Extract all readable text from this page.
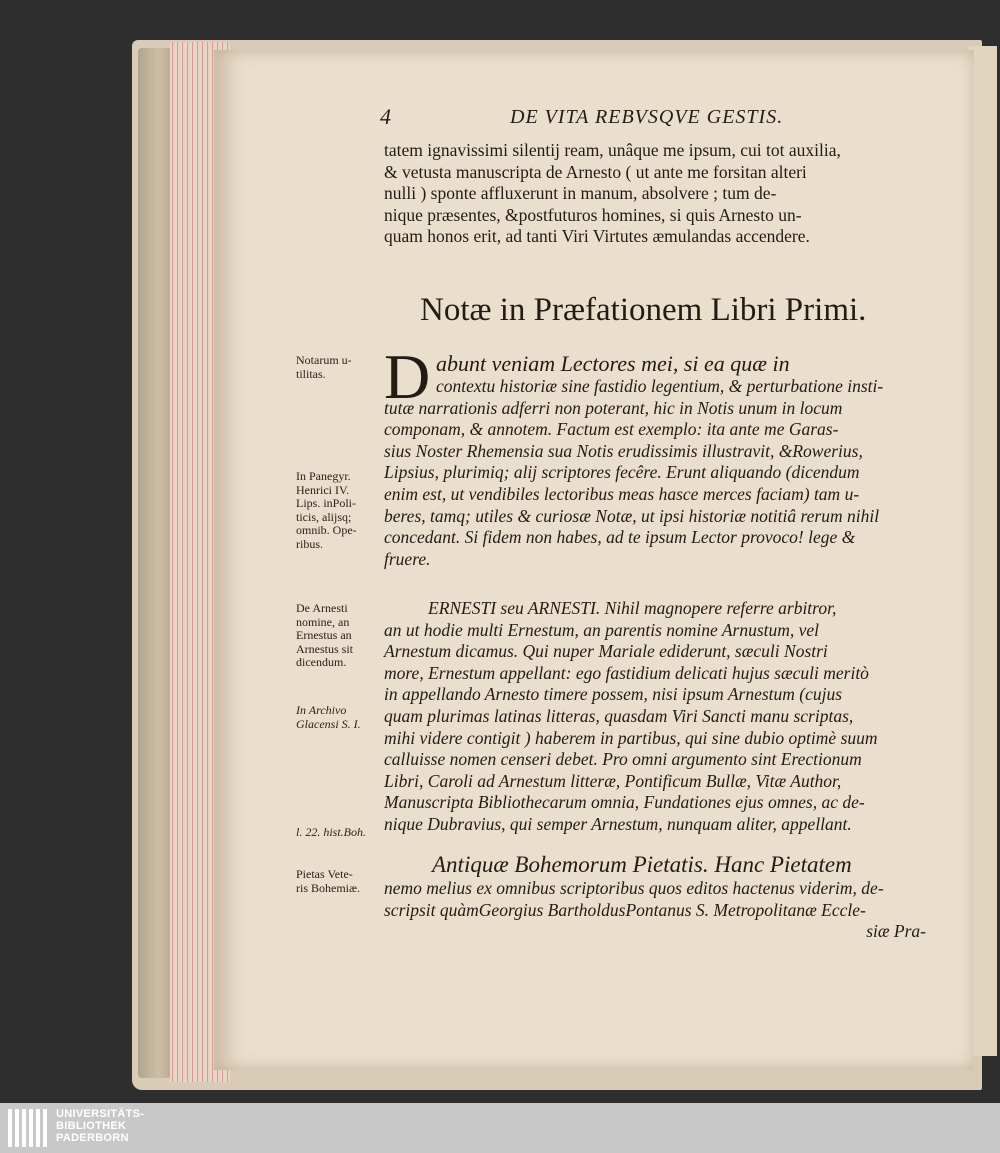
4	DE VITA REBVSQVE GESTIS.
tatem ignavissimi silentij ream, unâque me ipsum, cui tot auxilia,
& vetusta manuscripta de Arnesto ( ut ante me forsitan alteri
nulli ) sponte affluxerunt in manum, absolvere ; tum de-
nique præsentes, &postfuturos homines, si quis Arnesto un-
quam honos erit, ad tanti Viri Virtutes æmulandas accendere.
Notæ in Præfationem Libri Primi.
D abunt veniam Lectores mei, si ea quæ in
contextu historiæ sine fastidio legentium, & perturbatione insti-
tutæ narrationis adferri non poterant, hic in Notis unum in locum
componam, & annotem. Factum est exemplo: ita ante me Garas-
sius Noster Rhemensia sua Notis erudissimis illustravit, &Rowerius,
Lipsius, plurimiq; alij scriptores fecêre. Erunt aliquando (dicendum
enim est, ut vendibiles lectoribus meas hasce merces faciam) tam u-
beres, tamq; utiles & curiosæ Notæ, ut ipsi historiæ notitiâ rerum nihil
concedant. Si fidem non habes, ad te ipsum Lector provoco! lege &
fruere.
ERNESTI seu ARNESTI. Nihil magnopere referre arbitror,
an ut hodie multi Ernestum, an parentis nomine Arnustum, vel
Arnestum dicamus. Qui nuper Mariale ediderunt, sæculi Nostri
more, Ernestum appellant: ego fastidium delicati hujus sæculi meritò
in appellando Arnesto timere possem, nisi ipsum Arnestum (cujus
quam plurimas latinas litteras, quasdam Viri Sancti manu scriptas,
mihi videre contigit ) haberem in partibus, qui sine dubio optimè suum
calluisse nomen censeri debet. Pro omni argumento sint Erectionum
Libri, Caroli ad Arnestum litteræ, Pontificum Bullæ, Vitæ Author,
Manuscripta Bibliothecarum omnia, Fundationes ejus omnes, ac de-
nique Dubravius, qui semper Arnestum, nunquam aliter, appellant.
Antiquæ Bohemorum Pietatis. Hanc Pietatem
nemo melius ex omnibus scriptoribus quos editos hactenus viderim, de-
scripsit quàmGeorgius BartholdusPontanus S. Metropolitanæ Eccle-
siæ Pra-
Notarum u-
tilitas.
In Panegyr.
Henrici IV.
Lips. inPoli-
ticis, alijsq;
omnib. Ope-
ribus.
De Arnesti
nomine, an
Ernestus an
Arnestus sit
dicendum.
In Archivo
Glacensi S. I.
l. 22. hist.Boh.
Pietas Vete-
ris Bohemiæ.
UNIVERSITÄTS-
BIBLIOTHEK
PADERBORN
